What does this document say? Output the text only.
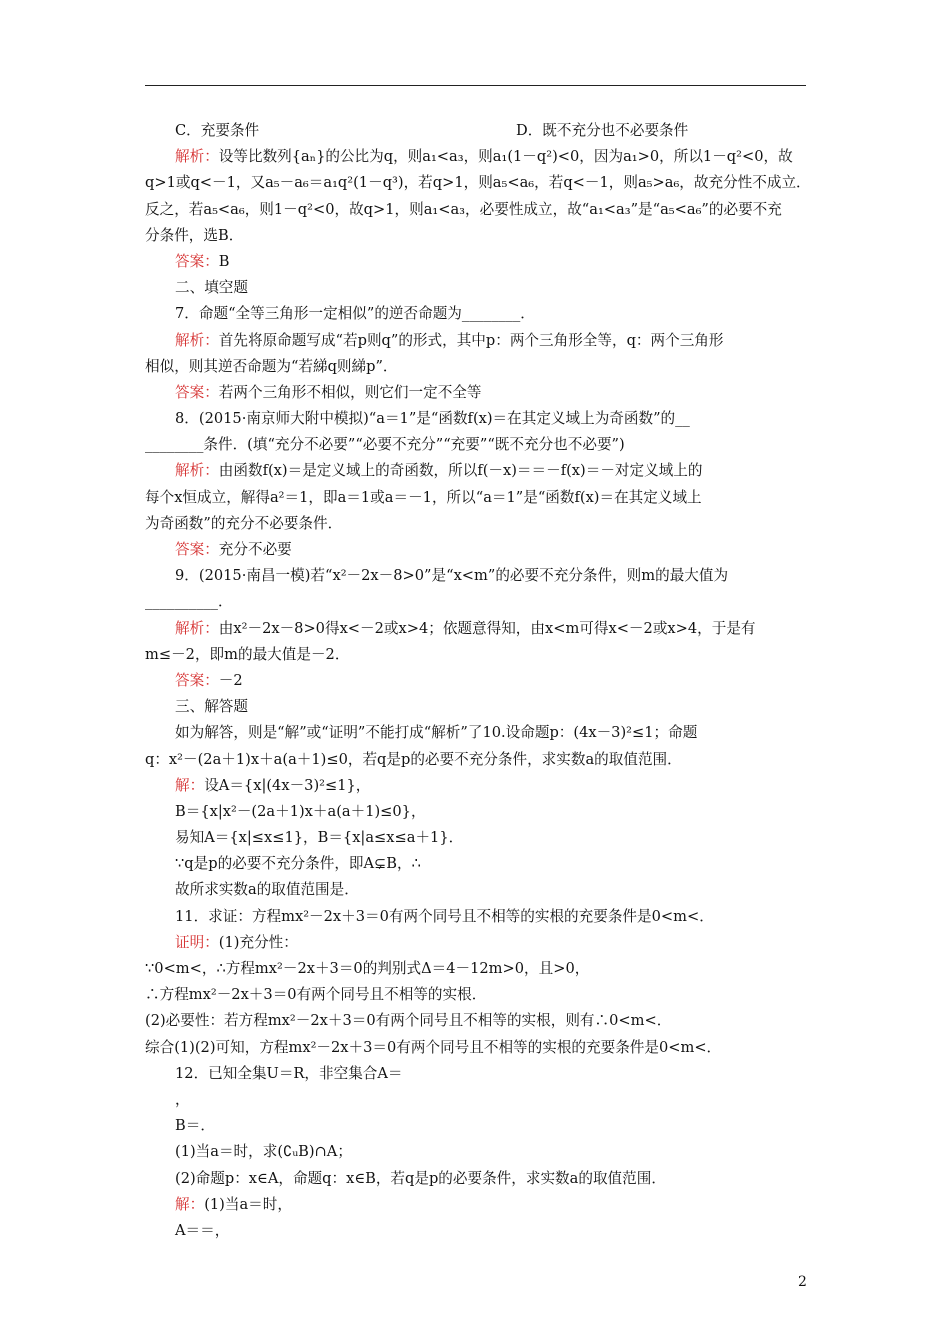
C．充要条件	D．既不充分也不必要条件
解析：设等比数列{aₙ}的公比为q，则a₁<a₃，则a₁(1－q²)<0，因为a₁>0，所以1－q²<0，故
q>1或q<－1，又a₅－a₆＝a₁q²(1－q³)，若q>1，则a₅<a₆，若q<－1，则a₅>a₆，故充分性不成立．
反之，若a₅<a₆，则1－q²<0，故q>1，则a₁<a₃，必要性成立，故“a₁<a₃”是“a₅<a₆”的必要不充
分条件，选B．
答案：B
二、填空题
7．命题“全等三角形一定相似”的逆否命题为________．
解析：首先将原命题写成“若p则q”的形式，其中p：两个三角形全等，q：两个三角形
相似，则其逆否命题为“若綈q则綈p”．
答案：若两个三角形不相似，则它们一定不全等
8．(2015·南京师大附中模拟)“a＝1”是“函数f(x)＝在其定义域上为奇函数”的__
________条件．(填“充分不必要”“必要不充分”“充要”“既不充分也不必要”)
解析：由函数f(x)＝是定义域上的奇函数，所以f(－x)＝＝－f(x)＝－对定义域上的
每个x恒成立，解得a²＝1，即a＝1或a＝－1，所以“a＝1”是“函数f(x)＝在其定义域上
为奇函数”的充分不必要条件．
答案：充分不必要
9．(2015·南昌一模)若“x²－2x－8>0”是“x<m”的必要不充分条件，则m的最大值为
__________．
解析：由x²－2x－8>0得x<－2或x>4；依题意得知，由x<m可得x<－2或x>4，于是有
m≤－2，即m的最大值是－2．
答案：－2
三、解答题
如为解答，则是“解”或“证明”不能打成“解析”了10.设命题p：(4x－3)²≤1；命题
q：x²－(2a＋1)x＋a(a＋1)≤0，若q是p的必要不充分条件，求实数a的取值范围．
解：设A＝{x|(4x－3)²≤1}，
B＝{x|x²－(2a＋1)x＋a(a＋1)≤0}，
易知A＝{x|≤x≤1}，B＝{x|a≤x≤a＋1}．
∵q是p的必要不充分条件，即A⊊B，∴
故所求实数a的取值范围是．
11．求证：方程mx²－2x＋3＝0有两个同号且不相等的实根的充要条件是0<m<．
证明：(1)充分性：
∵0<m<，∴方程mx²－2x＋3＝0的判别式Δ＝4－12m>0，且>0，
∴方程mx²－2x＋3＝0有两个同号且不相等的实根．
(2)必要性：若方程mx²－2x＋3＝0有两个同号且不相等的实根，则有∴0<m<．
综合(1)(2)可知，方程mx²－2x＋3＝0有两个同号且不相等的实根的充要条件是0<m<．
12．已知全集U＝R，非空集合A＝
，
B＝．
(1)当a＝时，求(∁ᵤB)∩A；
(2)命题p：x∈A，命题q：x∈B，若q是p的必要条件，求实数a的取值范围．
解：(1)当a＝时，
A＝＝，
2
